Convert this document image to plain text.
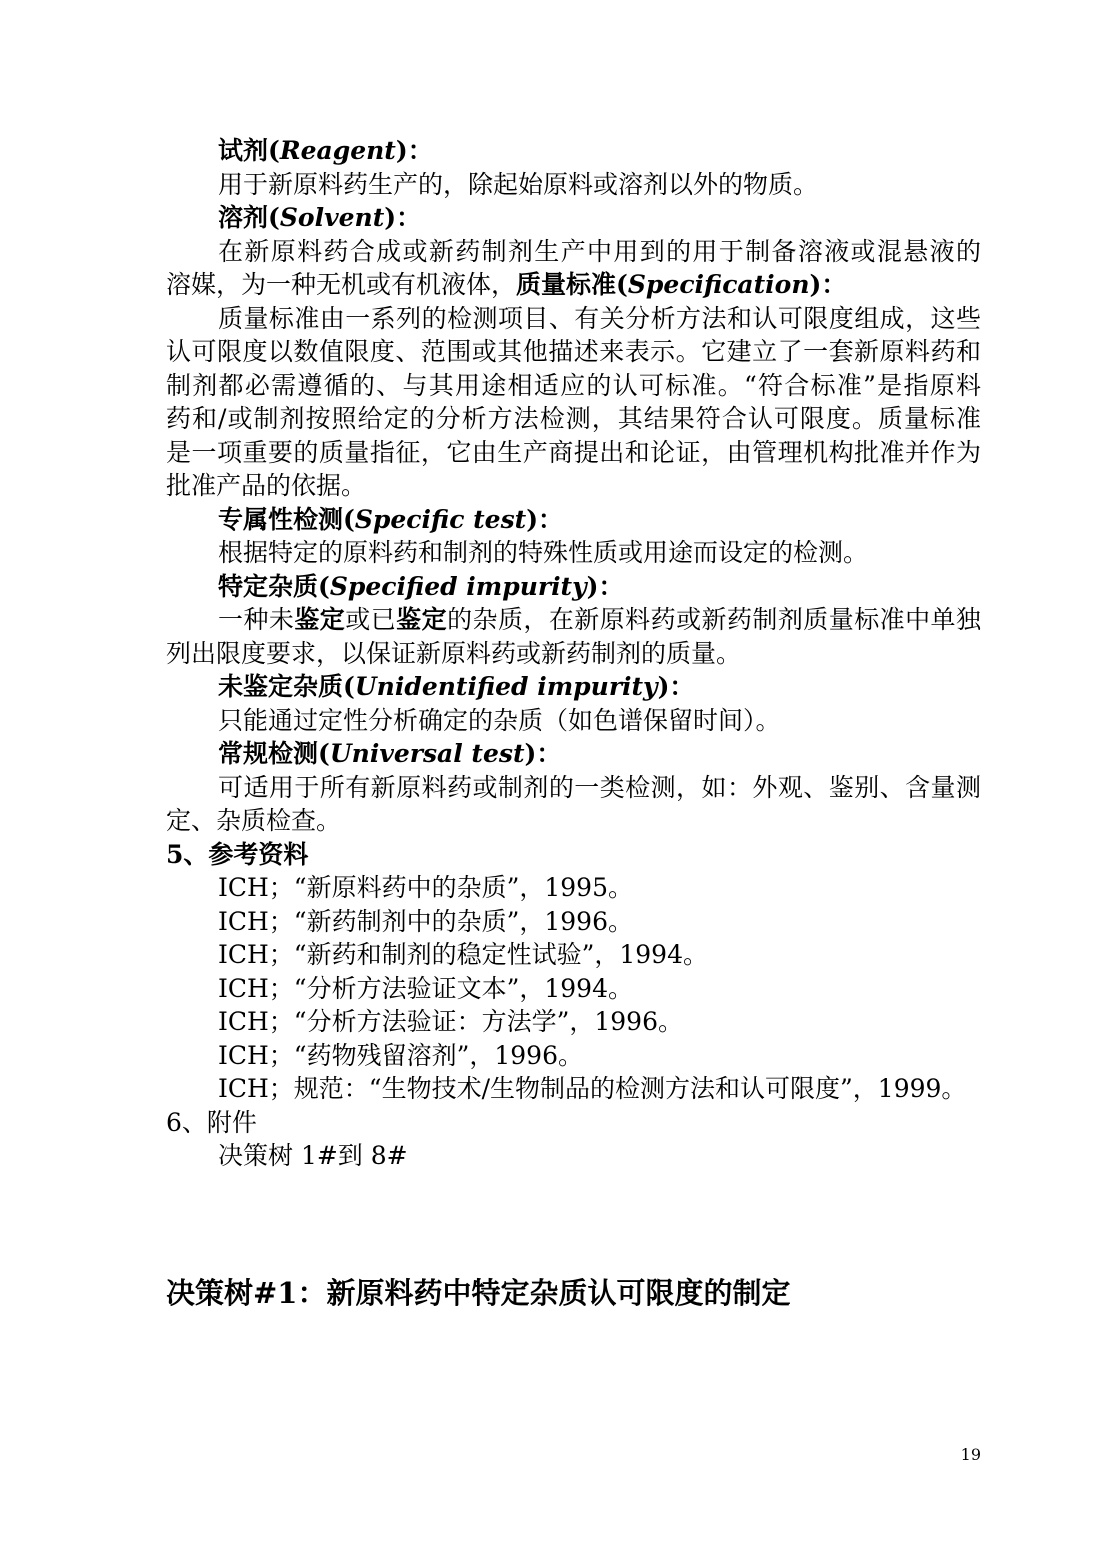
试剂(Reagent)：
用于新原料药生产的，除起始原料或溶剂以外的物质。
溶剂(Solvent)：
在新原料药合成或新药制剂生产中用到的用于制备溶液或混悬液的
溶媒，为一种无机或有机液体，质量标准(Specification)：
质量标准由一系列的检测项目、有关分析方法和认可限度组成，这些
认可限度以数值限度、范围或其他描述来表示。它建立了一套新原料药和
制剂都必需遵循的、与其用途相适应的认可标准。“符合标准”是指原料
药和/或制剂按照给定的分析方法检测，其结果符合认可限度。质量标准
是一项重要的质量指征，它由生产商提出和论证，由管理机构批准并作为
批准产品的依据。
专属性检测(Specific test)：
根据特定的原料药和制剂的特殊性质或用途而设定的检测。
特定杂质(Specified impurity)：
一种未鉴定或已鉴定的杂质，在新原料药或新药制剂质量标准中单独
列出限度要求，以保证新原料药或新药制剂的质量。
未鉴定杂质(Unidentified impurity)：
只能通过定性分析确定的杂质（如色谱保留时间）。
常规检测(Universal test)：
可适用于所有新原料药或制剂的一类检测，如：外观、鉴别、含量测
定、杂质检查。
5、参考资料
ICH；“新原料药中的杂质”，1995。
ICH；“新药制剂中的杂质”，1996。
ICH；“新药和制剂的稳定性试验”，1994。
ICH；“分析方法验证文本”，1994。
ICH；“分析方法验证：方法学”，1996。
ICH；“药物残留溶剂”，1996。
ICH；规范：“生物技术/生物制品的检测方法和认可限度”，1999。
6、附件
决策树 1#到 8#
决策树#1：新原料药中特定杂质认可限度的制定
19
